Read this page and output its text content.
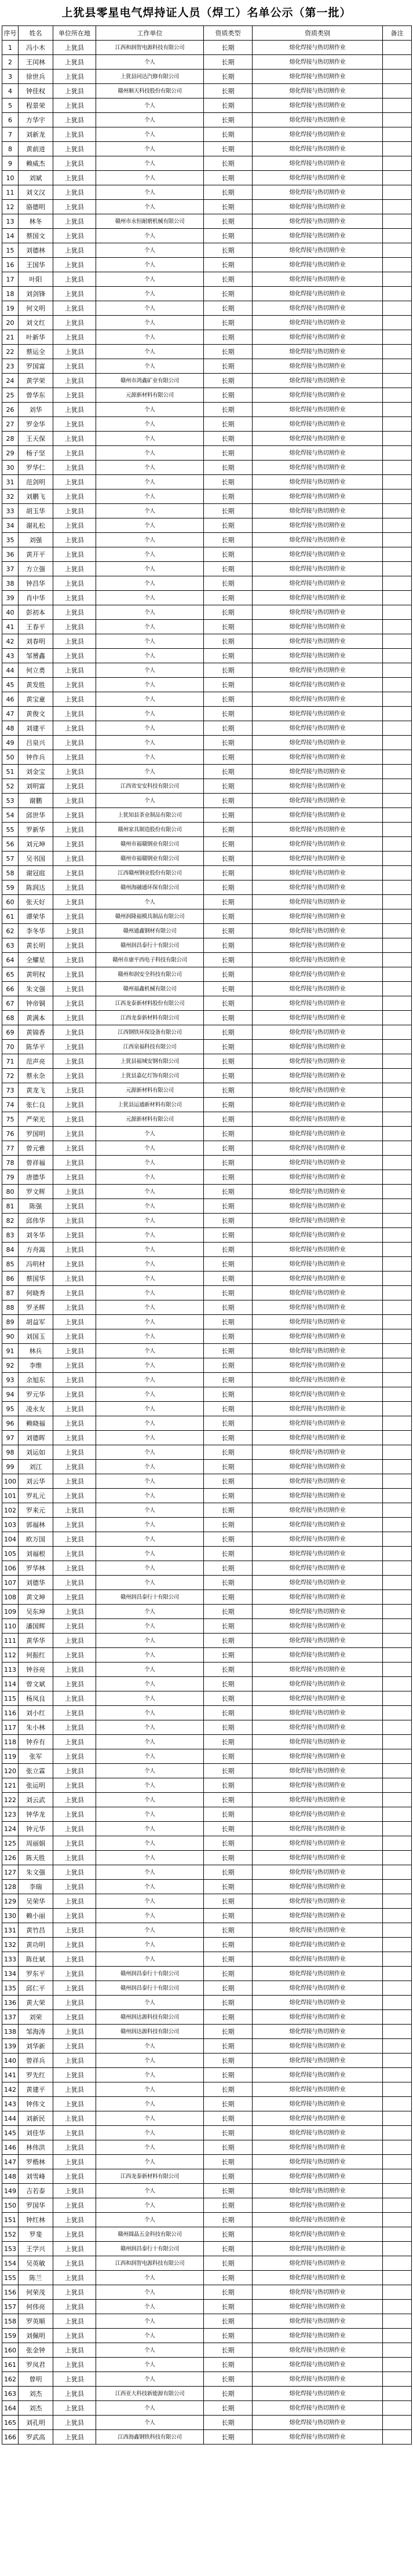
上犹县零星电气焊持证人员（焊工）名单公示（第一批）
序号	姓名	单位所在地	工作单位	资质类型	资质类别	备注
1	冯小木	上犹县	江西和润智电源科技有限公司	长期	熔化焊接与热切割作业	
2	王闰林	上犹县	个人	长期	熔化焊接与热切割作业	
3	徐世兵	上犹县	上犹县同达汽修有限公司	长期	熔化焊接与热切割作业	
4	钟佳权	上犹县	赣州顺天科技股份有限公司	长期	熔化焊接与热切割作业	
5	程景荣	上犹县	个人	长期	熔化焊接与热切割作业	
6	方华宇	上犹县	个人	长期	熔化焊接与热切割作业	
7	刘新龙	上犹县	个人	长期	熔化焊接与热切割作业	
8	黄前进	上犹县	个人	长期	熔化焊接与热切割作业	
9	赖威杰	上犹县	个人	长期	熔化焊接与热切割作业	
10	刘斌	上犹县	个人	长期	熔化焊接与热切割作业	
11	刘文汉	上犹县	个人	长期	熔化焊接与热切割作业	
12	骆德明	上犹县	个人	长期	熔化焊接与热切割作业	
13	林冬	上犹县	赣州市永恒耐磨机械有限公司	长期	熔化焊接与热切割作业	
14	蔡国文	上犹县	个人	长期	熔化焊接与热切割作业	
15	刘德林	上犹县	个人	长期	熔化焊接与热切割作业	
16	王国华	上犹县	个人	长期	熔化焊接与热切割作业	
17	叶阳	上犹县	个人	长期	熔化焊接与热切割作业	
18	刘剑锋	上犹县	个人	长期	熔化焊接与热切割作业	
19	何文明	上犹县	个人	长期	熔化焊接与热切割作业	
20	刘文红	上犹县	个人	长期	熔化焊接与热切割作业	
21	叶新华	上犹县	个人	长期	熔化焊接与热切割作业	
22	蔡运全	上犹县	个人	长期	熔化焊接与热切割作业	
23	罗国富	上犹县	个人	长期	熔化焊接与热切割作业	
24	黄学荣	上犹县	赣州市鸿鑫矿业有限公司	长期	熔化焊接与热切割作业	
25	曾华东	上犹县	元源新材料有限公司	长期	熔化焊接与热切割作业	
26	刘华	上犹县	个人	长期	熔化焊接与热切割作业	
27	罗金华	上犹县	个人	长期	熔化焊接与热切割作业	
28	王天保	上犹县	个人	长期	熔化焊接与热切割作业	
29	杨子坚	上犹县	个人	长期	熔化焊接与热切割作业	
30	罗华仁	上犹县	个人	长期	熔化焊接与热切割作业	
31	范剑明	上犹县	个人	长期	熔化焊接与热切割作业	
32	刘鹏飞	上犹县	个人	长期	熔化焊接与热切割作业	
33	胡玉华	上犹县	个人	长期	熔化焊接与热切割作业	
34	谢礼松	上犹县	个人	长期	熔化焊接与热切割作业	
35	刘强	上犹县	个人	长期	熔化焊接与热切割作业	
36	黄开平	上犹县	个人	长期	熔化焊接与热切割作业	
37	方立强	上犹县	个人	长期	熔化焊接与热切割作业	
38	钟昌华	上犹县	个人	长期	熔化焊接与热切割作业	
39	肖中华	上犹县	个人	长期	熔化焊接与热切割作业	
40	彭初本	上犹县	个人	长期	熔化焊接与热切割作业	
41	王春平	上犹县	个人	长期	熔化焊接与热切割作业	
42	刘春明	上犹县	个人	长期	熔化焊接与热切割作业	
43	邹赟鑫	上犹县	个人	长期	熔化焊接与热切割作业	
44	何立勇	上犹县	个人	长期	熔化焊接与热切割作业	
45	黄发胜	上犹县	个人	长期	熔化焊接与热切割作业	
46	黄宝童	上犹县	个人	长期	熔化焊接与热切割作业	
47	黄俊文	上犹县	个人	长期	熔化焊接与热切割作业	
48	刘建平	上犹县	个人	长期	熔化焊接与热切割作业	
49	吕泉兴	上犹县	个人	长期	熔化焊接与热切割作业	
50	钟作兵	上犹县	个人	长期	熔化焊接与热切割作业	
51	刘金宝	上犹县	个人	长期	熔化焊接与热切割作业	
52	刘明富	上犹县	江西省安安科技有限公司	长期	熔化焊接与热切割作业	
53	谢鹏	上犹县	个人	长期	熔化焊接与热切割作业	
54	邱世华	上犹县	上犹知县茶业制品有限公司	长期	熔化焊接与热切割作业	
55	罗新华	上犹县	赣州家具制造股份有限公司	长期	熔化焊接与热切割作业	
56	刘元坤	上犹县	赣州市福赣钢业有限公司	长期	熔化焊接与热切割作业	
57	吴书国	上犹县	赣州市福赣钢业有限公司	长期	熔化焊接与热切割作业	
58	谢冠庭	上犹县	江西赣州钢业股份有限公司	长期	熔化焊接与热切割作业	
59	陈润达	上犹县	赣州海融通环保有限公司	长期	熔化焊接与热切割作业	
60	张天好	上犹县	个人	长期	熔化焊接与热切割作业	
61	谭荣华	上犹县	赣州润隆福模具制品有限公司	长期	熔化焊接与热切割作业	
62	李冬华	上犹县	赣州通鑫钢材有限公司	长期	熔化焊接与热切割作业	
63	黄长明	上犹县	赣州润昌泰行十有限公司	长期	熔化焊接与热切割作业	
64	全耀星	上犹县	赣州市康平西电子科技有限公司	长期	熔化焊接与热切割作业	
65	黄明权	上犹县	赣州和润安全科技有限公司	长期	熔化焊接与热切割作业	
66	朱文强	上犹县	赣州福鑫机械有限公司	长期	熔化焊接与热切割作业	
67	钟帝铜	上犹县	江西龙泰新材料股份有限公司	长期	熔化焊接与热切割作业	
68	黄满本	上犹县	江西龙泰新材料有限公司	长期	熔化焊接与热切割作业	
69	黄锦香	上犹县	江西钢铁环保设备有限公司	长期	熔化焊接与热切割作业	
70	陈华平	上犹县	江西泉福科技有限公司	长期	熔化焊接与热切割作业	
71	范声亮	上犹县	上犹县福城安钢有限公司	长期	熔化焊接与热切割作业	
72	蔡永杂	上犹县	上犹县嘉亿灯饰有限公司	长期	熔化焊接与热切割作业	
73	黄龙飞	上犹县	元源新材料有限公司	长期	熔化焊接与热切割作业	
74	张仁良	上犹县	上犹县运通新材料有限公司	长期	熔化焊接与热切割作业	
75	严荣光	上犹县	元源新材料有限公司	长期	熔化焊接与热切割作业	
76	罗国明	上犹县	个人	长期	熔化焊接与热切割作业	
77	曾元雅	上犹县	个人	长期	熔化焊接与热切割作业	
78	曾祥福	上犹县	个人	长期	熔化焊接与热切割作业	
79	唐德华	上犹县	个人	长期	熔化焊接与热切割作业	
80	罗文辉	上犹县	个人	长期	熔化焊接与热切割作业	
81	陈强	上犹县	个人	长期	熔化焊接与热切割作业	
82	邱伟华	上犹县	个人	长期	熔化焊接与热切割作业	
83	刘冬华	上犹县	个人	长期	熔化焊接与热切割作业	
84	方舟嵩	上犹县	个人	长期	熔化焊接与热切割作业	
85	冯明材	上犹县	个人	长期	熔化焊接与热切割作业	
86	蔡国华	上犹县	个人	长期	熔化焊接与热切割作业	
87	何晓秀	上犹县	个人	长期	熔化焊接与热切割作业	
88	罗圣辉	上犹县	个人	长期	熔化焊接与热切割作业	
89	胡益军	上犹县	个人	长期	熔化焊接与热切割作业	
90	刘国玉	上犹县	个人	长期	熔化焊接与热切割作业	
91	林兵	上犹县	个人	长期	熔化焊接与热切割作业	
92	李维	上犹县	个人	长期	熔化焊接与热切割作业	
93	余旭东	上犹县	个人	长期	熔化焊接与热切割作业	
94	罗元华	上犹县	个人	长期	熔化焊接与热切割作业	
95	凌永友	上犹县	个人	长期	熔化焊接与热切割作业	
96	赖晓福	上犹县	个人	长期	熔化焊接与热切割作业	
97	刘德晖	上犹县	个人	长期	熔化焊接与热切割作业	
98	刘运如	上犹县	个人	长期	熔化焊接与热切割作业	
99	刘江	上犹县	个人	长期	熔化焊接与热切割作业	
100	刘云华	上犹县	个人	长期	熔化焊接与热切割作业	
101	罗礼元	上犹县	个人	长期	熔化焊接与热切割作业	
102	罗来元	上犹县	个人	长期	熔化焊接与热切割作业	
103	郭福林	上犹县	个人	长期	熔化焊接与热切割作业	
104	欧万国	上犹县	个人	长期	熔化焊接与热切割作业	
105	刘福根	上犹县	个人	长期	熔化焊接与热切割作业	
106	罗华林	上犹县	个人	长期	熔化焊接与热切割作业	
107	刘德华	上犹县	个人	长期	熔化焊接与热切割作业	
108	黄文坤	上犹县	赣州润昌泰行十有限公司	长期	熔化焊接与热切割作业	
109	吴东坤	上犹县	个人	长期	熔化焊接与热切割作业	
110	潘国辉	上犹县	个人	长期	熔化焊接与热切割作业	
111	黄华华	上犹县	个人	长期	熔化焊接与热切割作业	
112	何振红	上犹县	个人	长期	熔化焊接与热切割作业	
113	钟谷亮	上犹县	个人	长期	熔化焊接与热切割作业	
114	曾文斌	上犹县	个人	长期	熔化焊接与热切割作业	
115	杨凤良	上犹县	个人	长期	熔化焊接与热切割作业	
116	刘小红	上犹县	个人	长期	熔化焊接与热切割作业	
117	朱小林	上犹县	个人	长期	熔化焊接与热切割作业	
118	钟乔有	上犹县	个人	长期	熔化焊接与热切割作业	
119	张军	上犹县	个人	长期	熔化焊接与热切割作业	
120	张立霖	上犹县	个人	长期	熔化焊接与热切割作业	
121	张运明	上犹县	个人	长期	熔化焊接与热切割作业	
122	刘云武	上犹县	个人	长期	熔化焊接与热切割作业	
123	钟华龙	上犹县	个人	长期	熔化焊接与热切割作业	
124	钟元华	上犹县	个人	长期	熔化焊接与热切割作业	
125	周丽娟	上犹县	个人	长期	熔化焊接与热切割作业	
126	陈天胜	上犹县	个人	长期	熔化焊接与热切割作业	
127	朱文强	上犹县	个人	长期	熔化焊接与热切割作业	
128	李瑞	上犹县	个人	长期	熔化焊接与热切割作业	
129	吴荣华	上犹县	个人	长期	熔化焊接与热切割作业	
130	赖小丽	上犹县	个人	长期	熔化焊接与热切割作业	
131	黄竹昌	上犹县	个人	长期	熔化焊接与热切割作业	
132	黄功明	上犹县	个人	长期	熔化焊接与热切割作业	
133	陈仕斌	上犹县	个人	长期	熔化焊接与热切割作业	
134	罗东平	上犹县	赣州润昌泰行十有限公司	长期	熔化焊接与热切割作业	
135	邱仁平	上犹县	赣州润昌泰行十有限公司	长期	熔化焊接与热切割作业	
136	黄大荣	上犹县	个人	长期	熔化焊接与热切割作业	
137	刘荣	上犹县	赣州润达源科技有限公司	长期	熔化焊接与热切割作业	
138	邹海涛	上犹县	赣州润达源科技有限公司	长期	熔化焊接与热切割作业	
139	刘华新	上犹县	个人	长期	熔化焊接与热切割作业	
140	曾祥兵	上犹县	个人	长期	熔化焊接与热切割作业	
141	罗先红	上犹县	个人	长期	熔化焊接与热切割作业	
142	黄建平	上犹县	个人	长期	熔化焊接与热切割作业	
143	钟伟文	上犹县	个人	长期	熔化焊接与热切割作业	
144	刘新民	上犹县	个人	长期	熔化焊接与热切割作业	
145	刘佳华	上犹县	个人	长期	熔化焊接与热切割作业	
146	林伟洪	上犹县	个人	长期	熔化焊接与热切割作业	
147	罗楷林	上犹县	个人	长期	熔化焊接与热切割作业	
148	刘雪峰	上犹县	江西龙泰新材料有限公司	长期	熔化焊接与热切割作业	
149	吉若泰	上犹县	个人	长期	熔化焊接与热切割作业	
150	罗国华	上犹县	个人	长期	熔化焊接与热切割作业	
151	钟红林	上犹县	个人	长期	熔化焊接与热切割作业	
152	罗斐	上犹县	赣州圆晶五金科技有限公司	长期	熔化焊接与热切割作业	
153	王学兴	上犹县	赣州润昌泰行十有限公司	长期	熔化焊接与热切割作业	
154	吴英敏	上犹县	江西和润智电源科技有限公司	长期	熔化焊接与热切割作业	
155	陈兰	上犹县	个人	长期	熔化焊接与热切割作业	
156	何荣茂	上犹县	个人	长期	熔化焊接与热切割作业	
157	何伟亮	上犹县	个人	长期	熔化焊接与热切割作业	
158	罗英顺	上犹县	个人	长期	熔化焊接与热切割作业	
159	刘佩明	上犹县	个人	长期	熔化焊接与热切割作业	
160	张金钟	上犹县	个人	长期	熔化焊接与热切割作业	
161	罗凤君	上犹县	个人	长期	熔化焊接与热切割作业	
162	曾明	上犹县	个人	长期	熔化焊接与热切割作业	
163	刘杰	上犹县	江西亚大科技新能源有限公司	长期	熔化焊接与热切割作业	
164	刘杰	上犹县	个人	长期	熔化焊接与热切割作业	
165	刘孔明	上犹县	个人	长期	熔化焊接与热切割作业	
166	罗武高	上犹县	江西海鑫钢铁科技有限公司	长期	熔化焊接与热切割作业	
